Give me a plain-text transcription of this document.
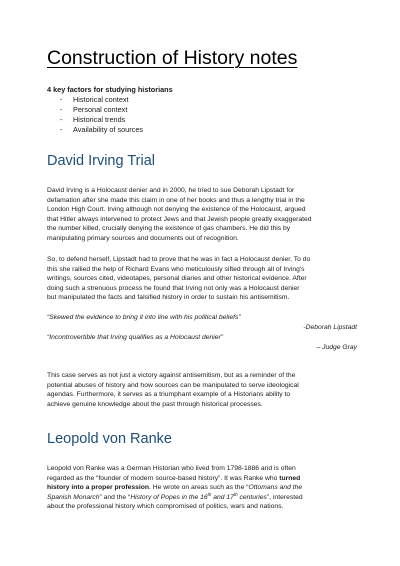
Construction of History notes
4 key factors for studying historians
- Historical context
- Personal context
- Historical trends
- Availability of sources
David Irving Trial
David Irving is a Holocaust denier and in 2000, he tried to sue Deborah Lipstadt for
defamation after she made this claim in one of her books and thus a lengthy trial in the
London High Court. Irving although not denying the existence of the Holocaust, argued
that Hitler always intervened to protect Jews and that Jewish people greatly exaggerated
the number killed, crucially denying the existence of gas chambers. He did this by
manipulating primary sources and documents out of recognition.
So, to defend herself, Lipstadt had to prove that he was in fact a Holocaust denier. To do
this she rallied the help of Richard Evans who meticulously sifted through all of Irving's
writings, sources cited, videotapes, personal diaries and other historical evidence. After
doing such a strenuous process he found that Irving not only was a Holocaust denier
but manipulated the facts and falsified history in order to sustain his antisemitism.
“Skewed the evidence to bring it into line with his political beliefs”
-Deborah Lipstadt
“Incontrovertible that Irving qualifies as a Holocaust denier”
– Judge Gray
This case serves as not just a victory against antisemitism, but as a reminder of the
potential abuses of history and how sources can be manipulated to serve ideological
agendas. Furthermore, it serves as a triumphant example of a Historians ability to
achieve genuine knowledge about the past through historical processes.
Leopold von Ranke
Leopold von Ranke was a German Historian who lived from 1798-1886 and is often
regarded as the “founder of modern source-based history”. It was Ranke who turned
history into a proper profession. He wrote on areas such as the “Ottomans and the
Spanish Monarch” and the “History of Popes in the 16th and 17th centuries”, interested
about the professional history which compromised of politics, wars and nations.
